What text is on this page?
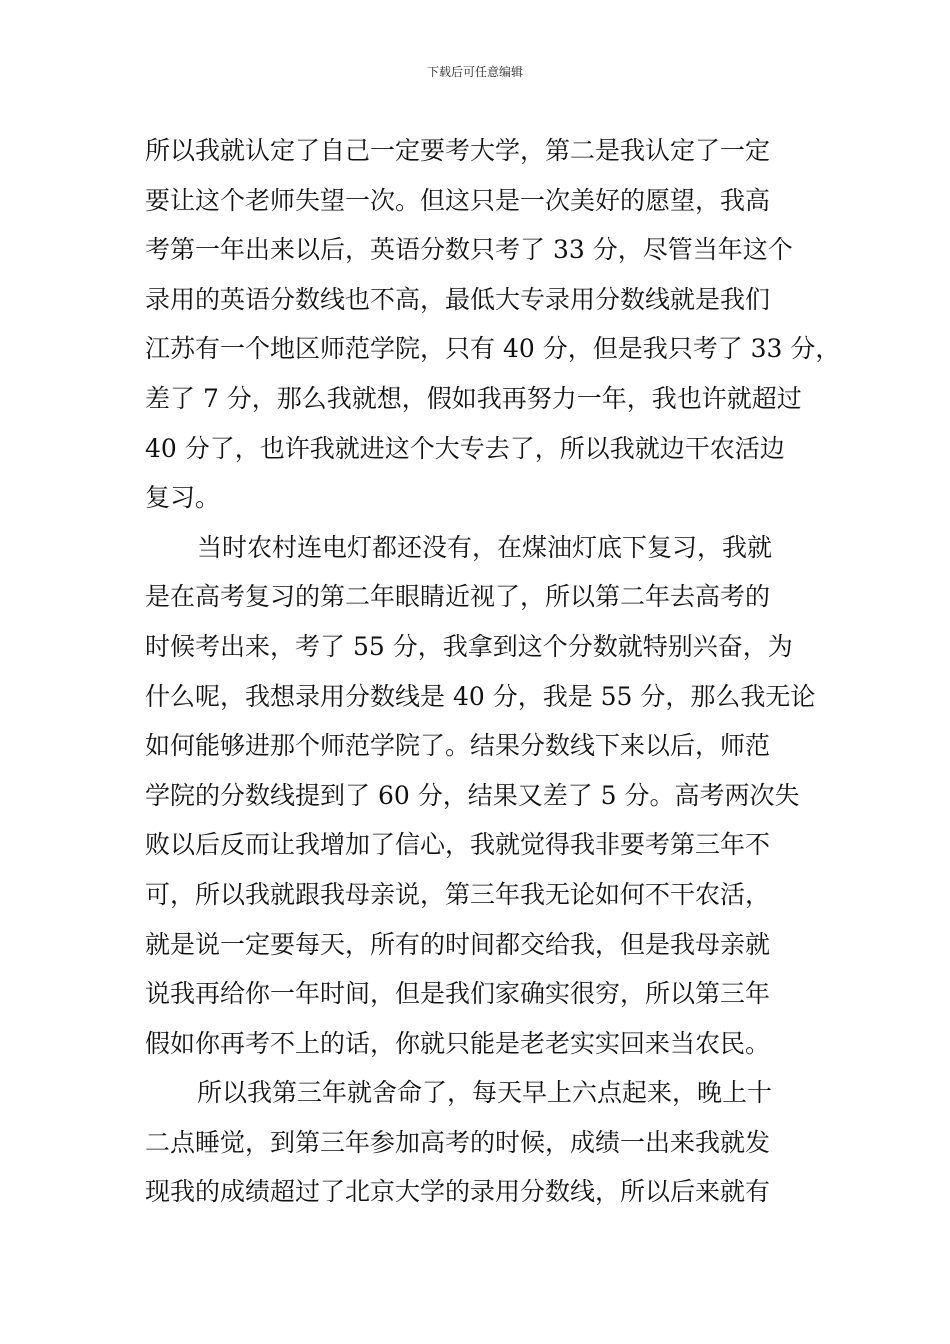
下载后可任意编辑
所以我就认定了自己一定要考大学，第二是我认定了一定
要让这个老师失望一次。但这只是一次美好的愿望，我高
考第一年出来以后，英语分数只考了 33 分，尽管当年这个
录用的英语分数线也不高，最低大专录用分数线就是我们
江苏有一个地区师范学院，只有 40 分，但是我只考了 33 分，
差了 7 分，那么我就想，假如我再努力一年，我也许就超过
40 分了，也许我就进这个大专去了，所以我就边干农活边
复习。
当时农村连电灯都还没有，在煤油灯底下复习，我就
是在高考复习的第二年眼睛近视了，所以第二年去高考的
时候考出来，考了 55 分，我拿到这个分数就特别兴奋，为
什么呢，我想录用分数线是 40 分，我是 55 分，那么我无论
如何能够进那个师范学院了。结果分数线下来以后，师范
学院的分数线提到了 60 分，结果又差了 5 分。高考两次失
败以后反而让我增加了信心，我就觉得我非要考第三年不
可，所以我就跟我母亲说，第三年我无论如何不干农活，
就是说一定要每天，所有的时间都交给我，但是我母亲就
说我再给你一年时间，但是我们家确实很穷，所以第三年
假如你再考不上的话，你就只能是老老实实回来当农民。
所以我第三年就舍命了，每天早上六点起来，晚上十
二点睡觉，到第三年参加高考的时候，成绩一出来我就发
现我的成绩超过了北京大学的录用分数线，所以后来就有
